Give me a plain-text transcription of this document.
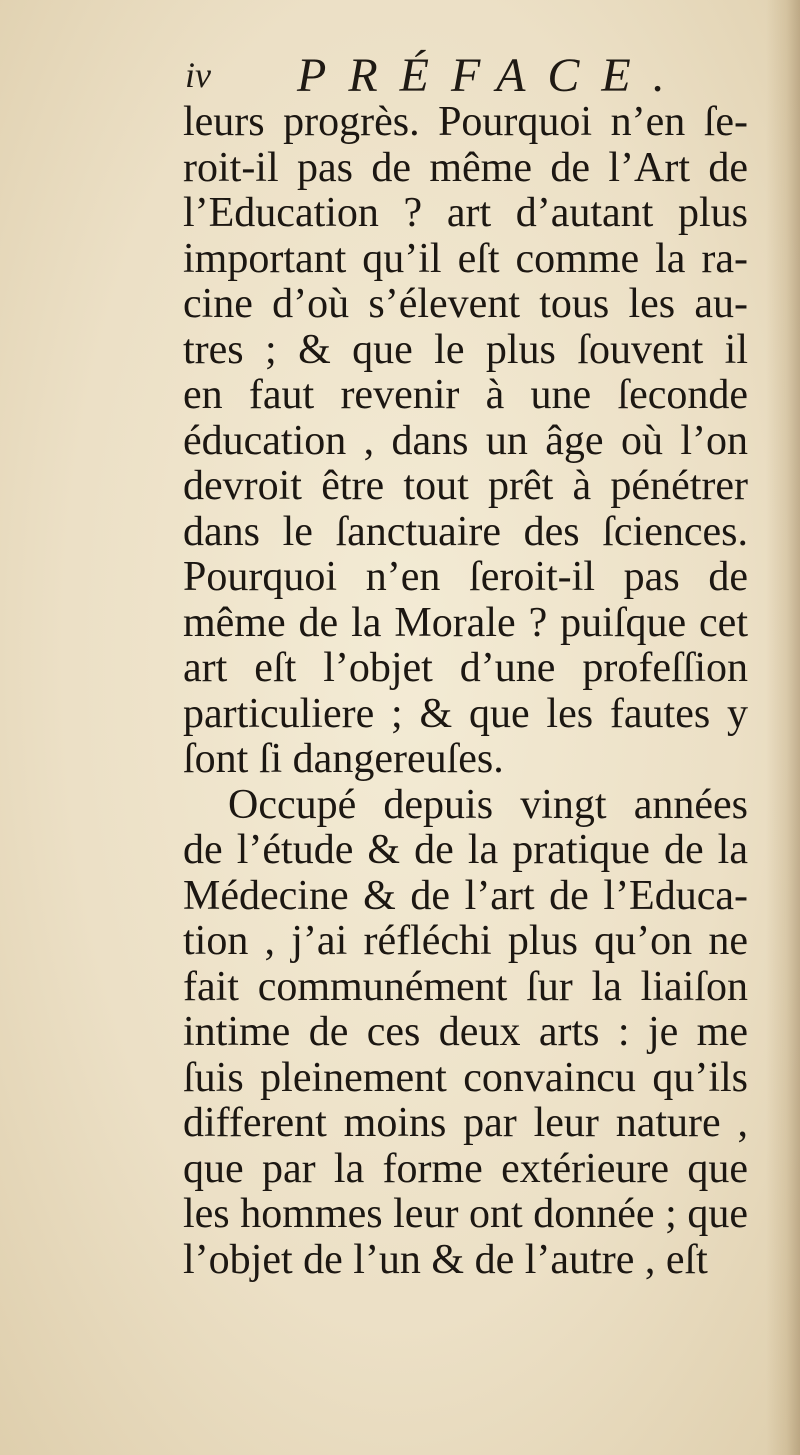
iv PRÉFACE.
leurs progrès. Pourquoi n’en ſe-
roit-il pas de même de l’Art de
l’Education ? art d’autant plus
important qu’il eſt comme la ra-
cine d’où s’élevent tous les au-
tres ; & que le plus ſouvent il
en faut revenir à une ſeconde
éducation , dans un âge où l’on
devroit être tout prêt à pénétrer
dans le ſanctuaire des ſciences.
Pourquoi n’en ſeroit-il pas de
même de la Morale ? puiſque cet
art eſt l’objet d’une profeſſion
particuliere ; & que les fautes y
ſont ſi dangereuſes.
Occupé depuis vingt années
de l’étude & de la pratique de la
Médecine & de l’art de l’Educa-
tion , j’ai réfléchi plus qu’on ne
fait communément ſur la liaiſon
intime de ces deux arts : je me
ſuis pleinement convaincu qu’ils
different moins par leur nature ,
que par la forme extérieure que
les hommes leur ont donnée ; que
l’objet de l’un & de l’autre , eſt
